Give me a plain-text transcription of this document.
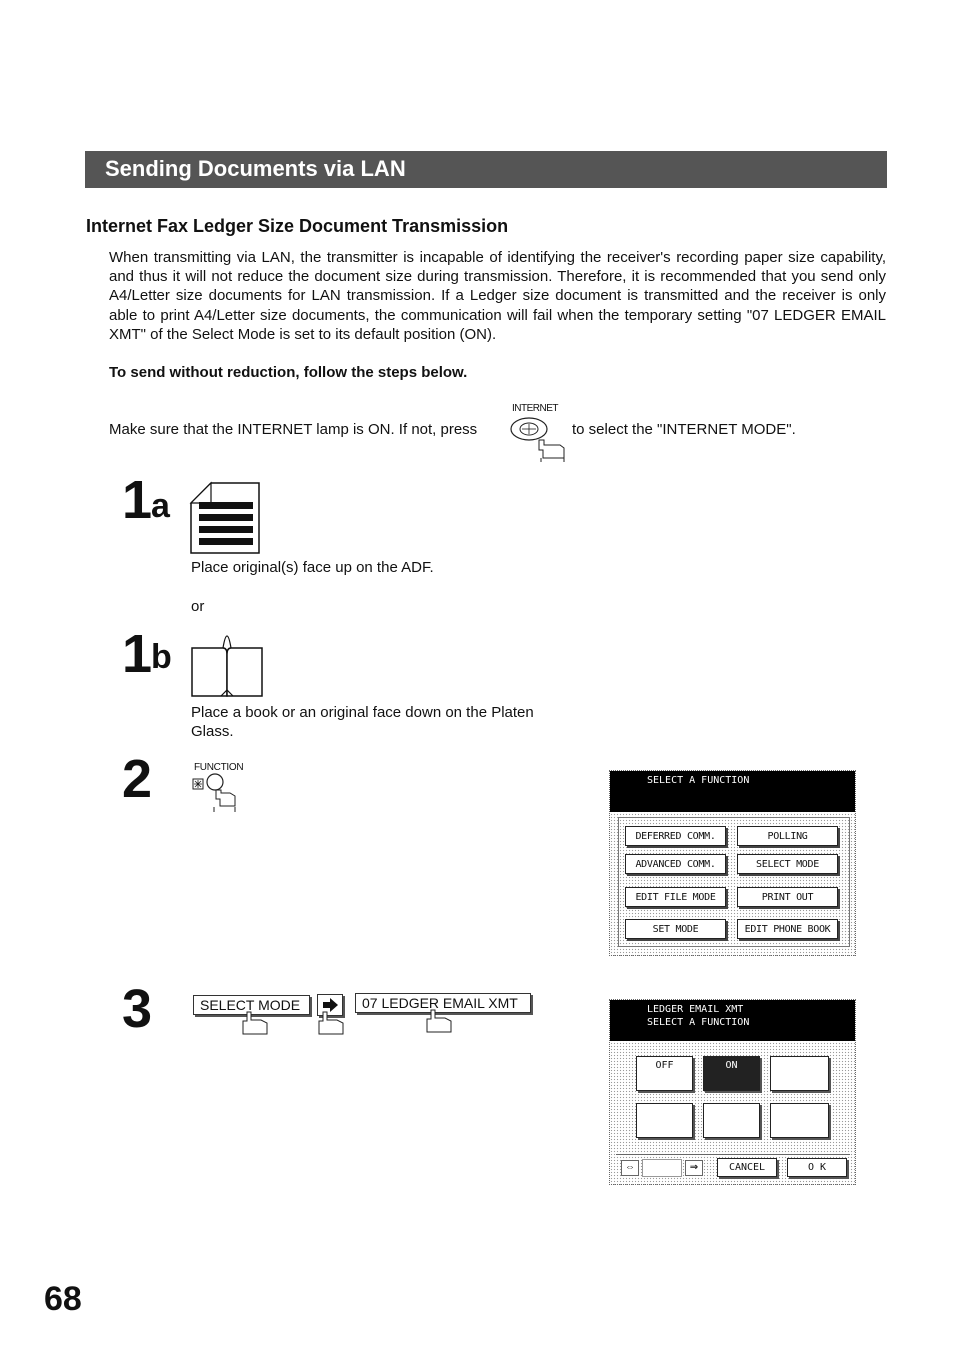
Sending Documents via LAN
Internet Fax Ledger Size Document Transmission
When transmitting via LAN, the transmitter is incapable of identifying the receiver's recording paper size capability, and thus it will not reduce the document size during transmission. Therefore, it is recommended that you send only A4/Letter size documents for LAN transmission. If a Ledger size document is transmitted and the receiver is only able to print A4/Letter size documents, the communication will fail when the temporary setting "07 LEDGER EMAIL XMT" of the Select Mode is set to its default position (ON).
To send without reduction, follow the steps below.
Make sure that the INTERNET lamp is ON. If not, press
INTERNET
to select the "INTERNET MODE".
1
a
Place original(s) face up on the ADF.
or
1
b
Place a book or an original face down on the Platen Glass.
2	FUNCTION
SELECT A FUNCTION
DEFERRED COMM.	POLLING
ADVANCED COMM.	SELECT MODE
EDIT FILE MODE	PRINT OUT
SET MODE	EDIT PHONE BOOK
3	SELECT MODE	07 LEDGER EMAIL XMT	LEDGER EMAIL XMT
SELECT A FUNCTION
OFF	ON
⇔	⇒	CANCEL	O K
68
